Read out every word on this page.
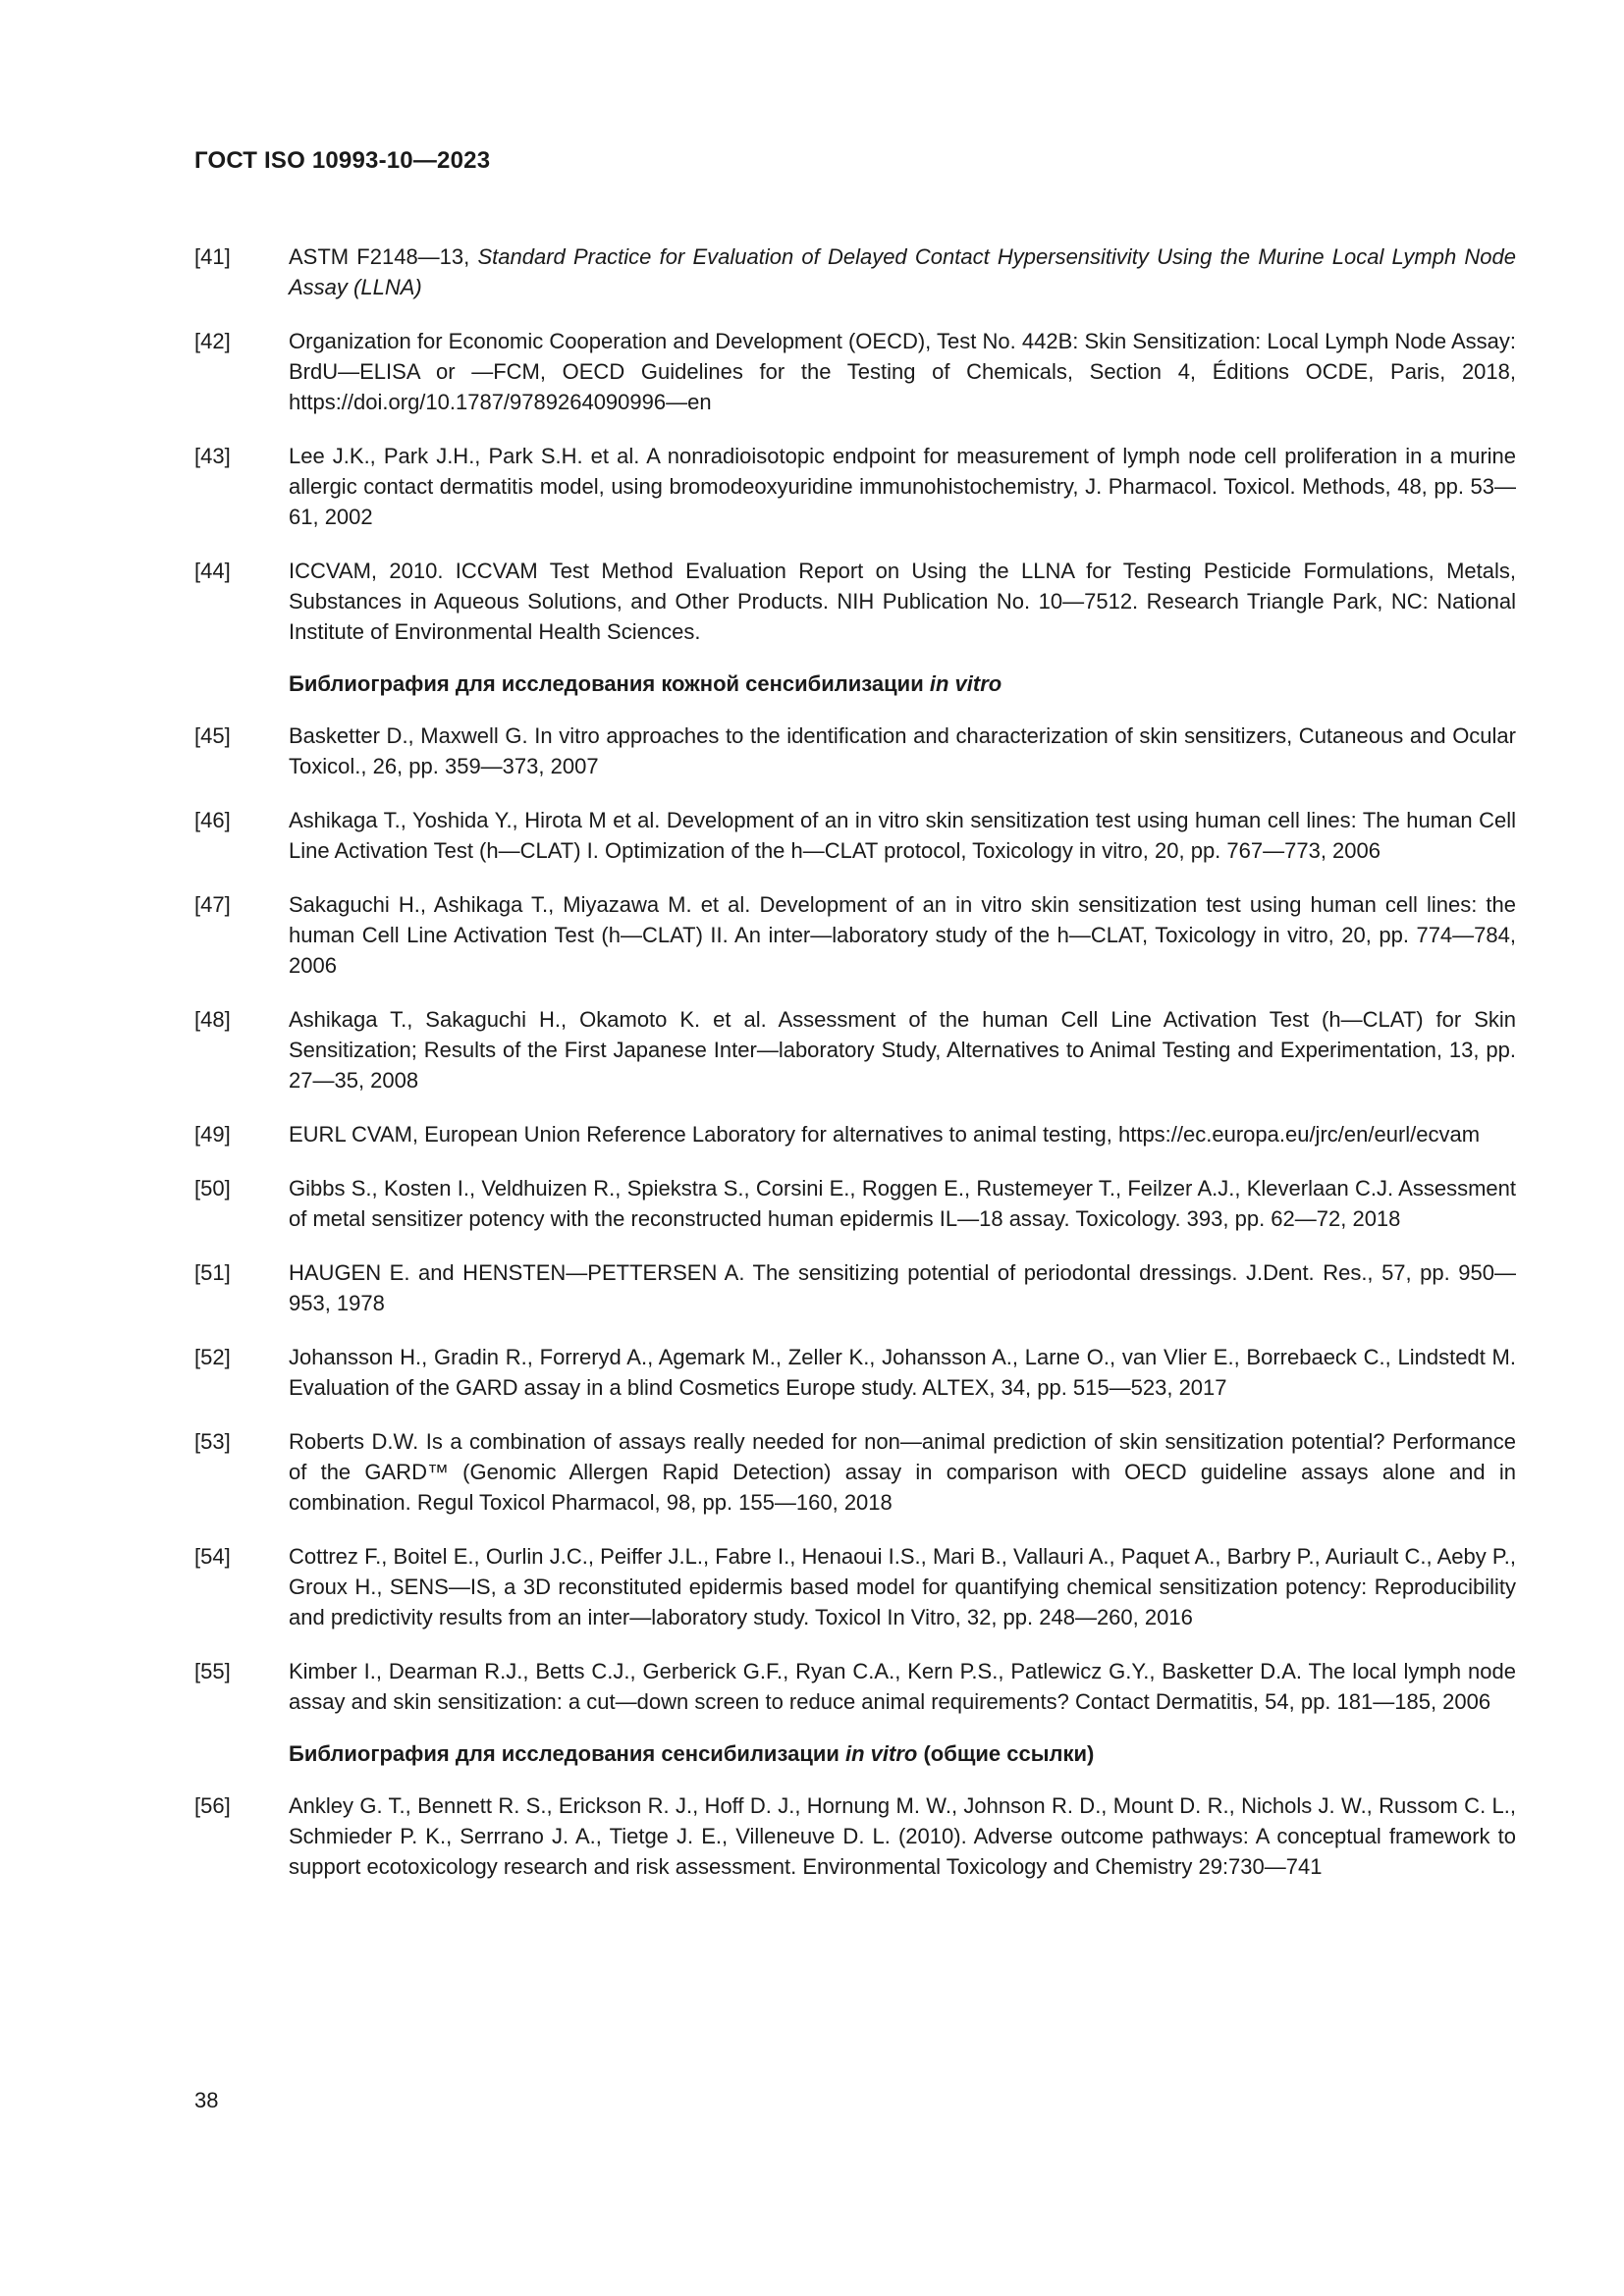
ГОСТ ISO 10993-10—2023
[41]	ASTM F2148—13, Standard Practice for Evaluation of Delayed Contact Hypersensitivity Using the Murine Local Lymph Node Assay (LLNA)
[42]	Organization for Economic Cooperation and Development (OECD), Test No. 442B: Skin Sensitization: Local Lymph Node Assay: BrdU—ELISA or —FCM, OECD Guidelines for the Testing of Chemicals, Section 4, Éditions OCDE, Paris, 2018, https://doi.org/10.1787/9789264090996—en
[43]	Lee J.K., Park J.H., Park S.H. et al. A nonradioisotopic endpoint for measurement of lymph node cell proliferation in a murine allergic contact dermatitis model, using bromodeoxyuridine immunohistochemistry, J. Pharmacol. Toxicol. Methods, 48, pp. 53—61, 2002
[44]	ICCVAM, 2010. ICCVAM Test Method Evaluation Report on Using the LLNA for Testing Pesticide Formulations, Metals, Substances in Aqueous Solutions, and Other Products. NIH Publication No. 10—7512. Research Triangle Park, NC: National Institute of Environmental Health Sciences.
Библиография для исследования кожной сенсибилизации in vitro
[45]	Basketter D., Maxwell G. In vitro approaches to the identification and characterization of skin sensitizers, Cutaneous and Ocular Toxicol., 26, pp. 359—373, 2007
[46]	Ashikaga T., Yoshida Y., Hirota M et al. Development of an in vitro skin sensitization test using human cell lines: The human Cell Line Activation Test (h—CLAT) I. Optimization of the h—CLAT protocol, Toxicology in vitro, 20, pp. 767—773, 2006
[47]	Sakaguchi H., Ashikaga T., Miyazawa M. et al. Development of an in vitro skin sensitization test using human cell lines: the human Cell Line Activation Test (h—CLAT) II. An inter—laboratory study of the h—CLAT, Toxicology in vitro, 20, pp. 774—784, 2006
[48]	Ashikaga T., Sakaguchi H., Okamoto K. et al. Assessment of the human Cell Line Activation Test (h—CLAT) for Skin Sensitization; Results of the First Japanese Inter—laboratory Study, Alternatives to Animal Testing and Experimentation, 13, pp. 27—35, 2008
[49]	EURL CVAM, European Union Reference Laboratory for alternatives to animal testing, https://ec.europa.eu/jrc/en/eurl/ecvam
[50]	Gibbs S., Kosten I., Veldhuizen R., Spiekstra S., Corsini E., Roggen E., Rustemeyer T., Feilzer A.J., Kleverlaan C.J. Assessment of metal sensitizer potency with the reconstructed human epidermis IL—18 assay. Toxicology. 393, pp. 62—72, 2018
[51]	HAUGEN E. and HENSTEN—PETTERSEN A. The sensitizing potential of periodontal dressings. J.Dent. Res., 57, pp. 950—953, 1978
[52]	Johansson H., Gradin R., Forreryd A., Agemark M., Zeller K., Johansson A., Larne O., van Vlier E., Borrebaeck C., Lindstedt M. Evaluation of the GARD assay in a blind Cosmetics Europe study. ALTEX, 34, pp. 515—523, 2017
[53]	Roberts D.W. Is a combination of assays really needed for non—animal prediction of skin sensitization potential? Performance of the GARD™ (Genomic Allergen Rapid Detection) assay in comparison with OECD guideline assays alone and in combination. Regul Toxicol Pharmacol, 98, pp. 155—160, 2018
[54]	Cottrez F., Boitel E., Ourlin J.C., Peiffer J.L., Fabre I., Henaoui I.S., Mari B., Vallauri A., Paquet A., Barbry P., Auriault C., Aeby P., Groux H., SENS—IS, a 3D reconstituted epidermis based model for quantifying chemical sensitization potency: Reproducibility and predictivity results from an inter—laboratory study. Toxicol In Vitro, 32, pp. 248—260, 2016
[55]	Kimber I., Dearman R.J., Betts C.J., Gerberick G.F., Ryan C.A., Kern P.S., Patlewicz G.Y., Basketter D.A. The local lymph node assay and skin sensitization: a cut—down screen to reduce animal requirements? Contact Dermatitis, 54, pp. 181—185, 2006
Библиография для исследования сенсибилизации in vitro (общие ссылки)
[56]	Ankley G. T., Bennett R. S., Erickson R. J., Hoff D. J., Hornung M. W., Johnson R. D., Mount D. R., Nichols J. W., Russom C. L., Schmieder P. K., Serrrano J. A., Tietge J. E., Villeneuve D. L. (2010). Adverse outcome pathways: A conceptual framework to support ecotoxicology research and risk assessment. Environmental Toxicology and Chemistry 29:730—741
38
